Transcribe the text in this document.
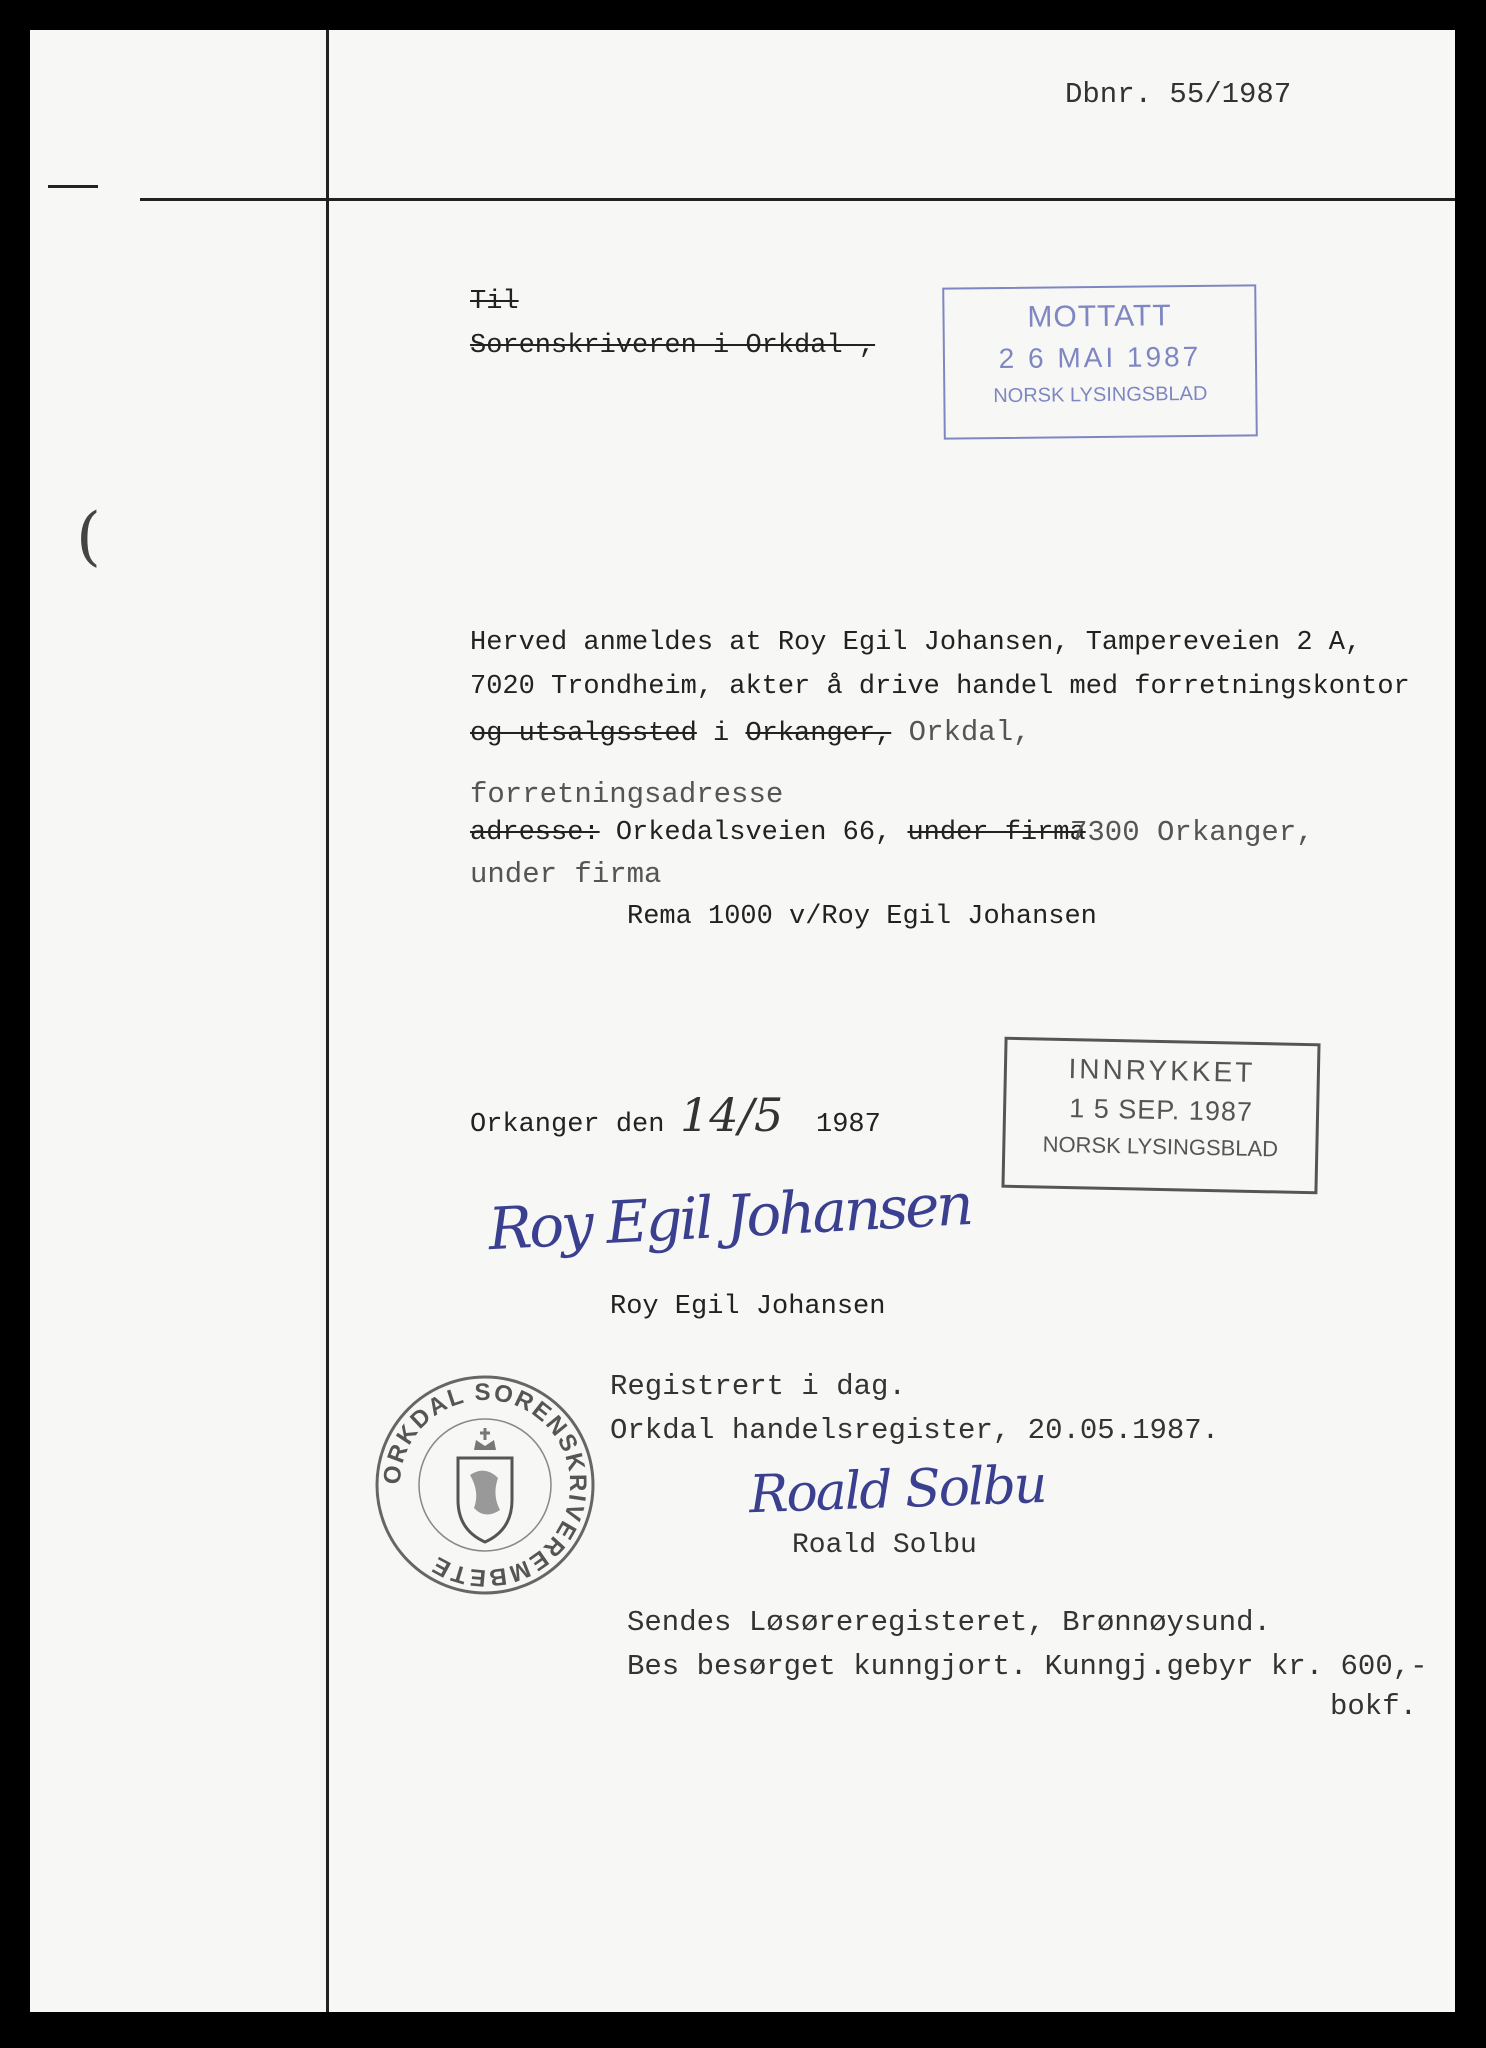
Dbnr. 55/1987
Til
Sorenskriveren i Orkdal ,
MOTTATT
2 6 MAI 1987
NORSK LYSINGSBLAD
(
Herved anmeldes at Roy Egil Johansen, Tampereveien 2 A,
7020 Trondheim, akter å drive handel med forretningskontor
og utsalgssted i Orkanger, Orkdal,
forretningsadresse
adresse: Orkedalsveien 66, under firma
7300 Orkanger,
under firma
Rema 1000 v/Roy Egil Johansen
INNRYKKET
1 5 SEP. 1987
NORSK LYSINGSBLAD
Orkanger den 14/5 1987
Roy Egil Johansen
Roy Egil Johansen
Registrert i dag.
Orkdal handelsregister, 20.05.1987.
ORKDAL SORENSKRIVEREMBETE
Roald Solbu
Roald Solbu
Sendes Løsøreregisteret, Brønnøysund.
Bes besørget kunngjort. Kunngj.gebyr kr. 600,-
bokf.
